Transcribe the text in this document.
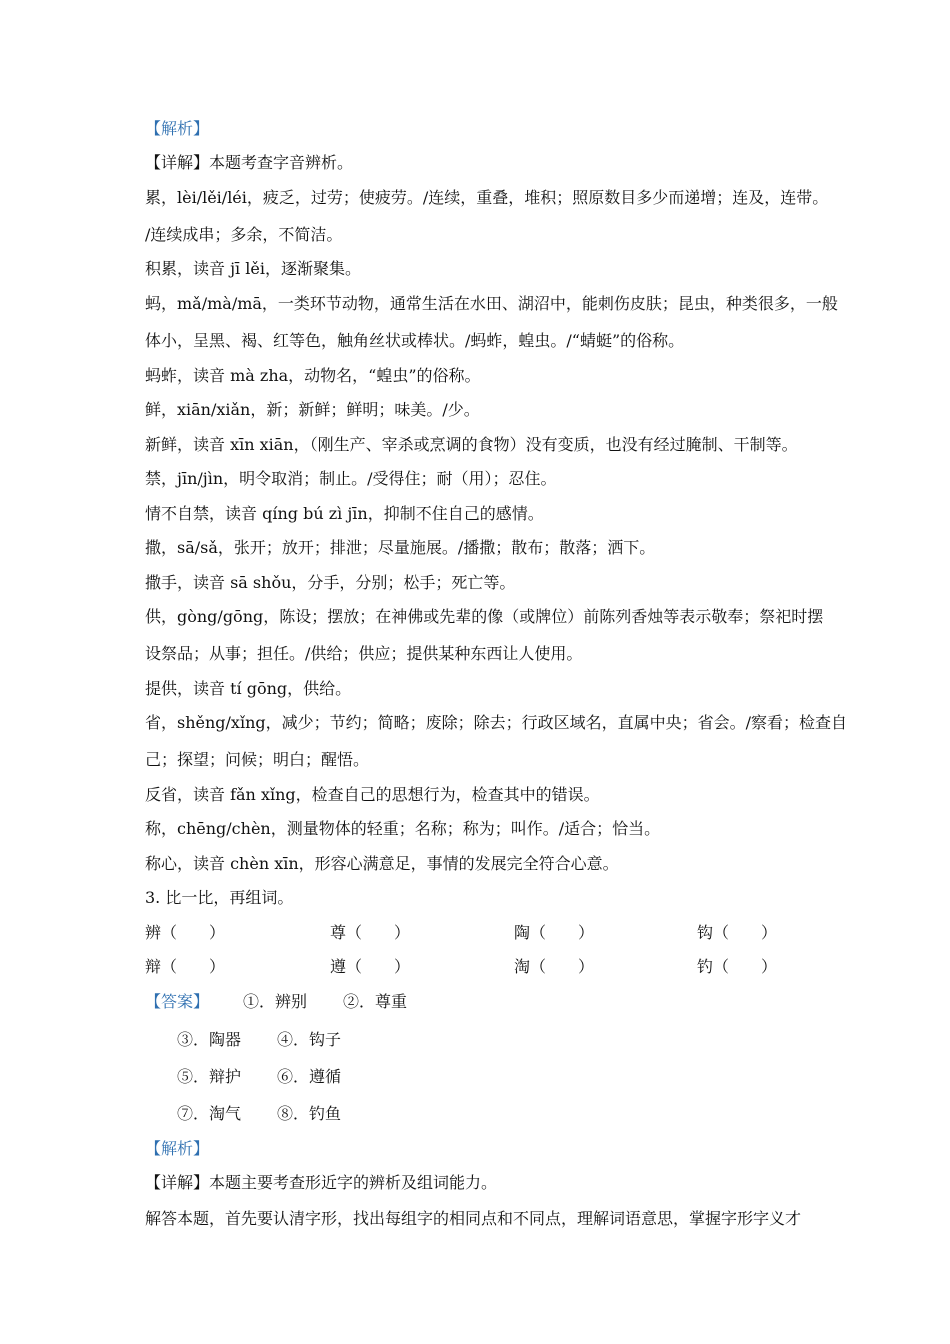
【解析】
【详解】本题考查字音辨析。
累，lèi/lěi/léi，疲乏，过劳；使疲劳。/连续，重叠，堆积；照原数目多少而递增；连及，连带。
/连续成串；多余，不简洁。
积累，读音 jī lěi，逐渐聚集。
蚂，mǎ/mà/mā，一类环节动物，通常生活在水田、湖沼中，能刺伤皮肤；昆虫，种类很多，一般
体小，呈黑、褐、红等色，触角丝状或棒状。/蚂蚱，蝗虫。/“蜻蜓”的俗称。
蚂蚱，读音 mà zha，动物名，“蝗虫”的俗称。
鲜，xiān/xiǎn，新；新鲜；鲜明；味美。/少。
新鲜，读音 xīn xiān，（刚生产、宰杀或烹调的食物）没有变质，也没有经过腌制、干制等。
禁，jīn/jìn，明令取消；制止。/受得住；耐（用）；忍住。
情不自禁，读音 qíng bú zì jīn，抑制不住自己的感情。
撒，sā/sǎ，张开；放开；排泄；尽量施展。/播撒；散布；散落；洒下。
撒手，读音 sā shǒu，分手，分别；松手；死亡等。
供，gòng/gōng，陈设；摆放；在神佛或先辈的像（或牌位）前陈列香烛等表示敬奉；祭祀时摆
设祭品；从事；担任。/供给；供应；提供某种东西让人使用。
提供，读音 tí gōng，供给。
省，shěng/xǐng，减少；节约；简略；废除；除去；行政区域名，直属中央；省会。/察看；检查自
己；探望；问候；明白；醒悟。
反省，读音 fǎn xǐng，检查自己的思想行为，检查其中的错误。
称，chēng/chèn，测量物体的轻重；名称；称为；叫作。/适合；恰当。
称心，读音 chèn xīn，形容心满意足，事情的发展完全符合心意。
3. 比一比，再组词。
辨（　　）	尊（　　）	陶（　　）	钩（　　）
辩（　　）	遵（　　）	淘（　　）	钓（　　）
【答案】 ①．辨别 ②．尊重
③．陶器 ④．钩子
⑤．辩护 ⑥．遵循
⑦．淘气 ⑧．钓鱼
【解析】
【详解】本题主要考查形近字的辨析及组词能力。
解答本题，首先要认清字形，找出每组字的相同点和不同点，理解词语意思，掌握字形字义才
